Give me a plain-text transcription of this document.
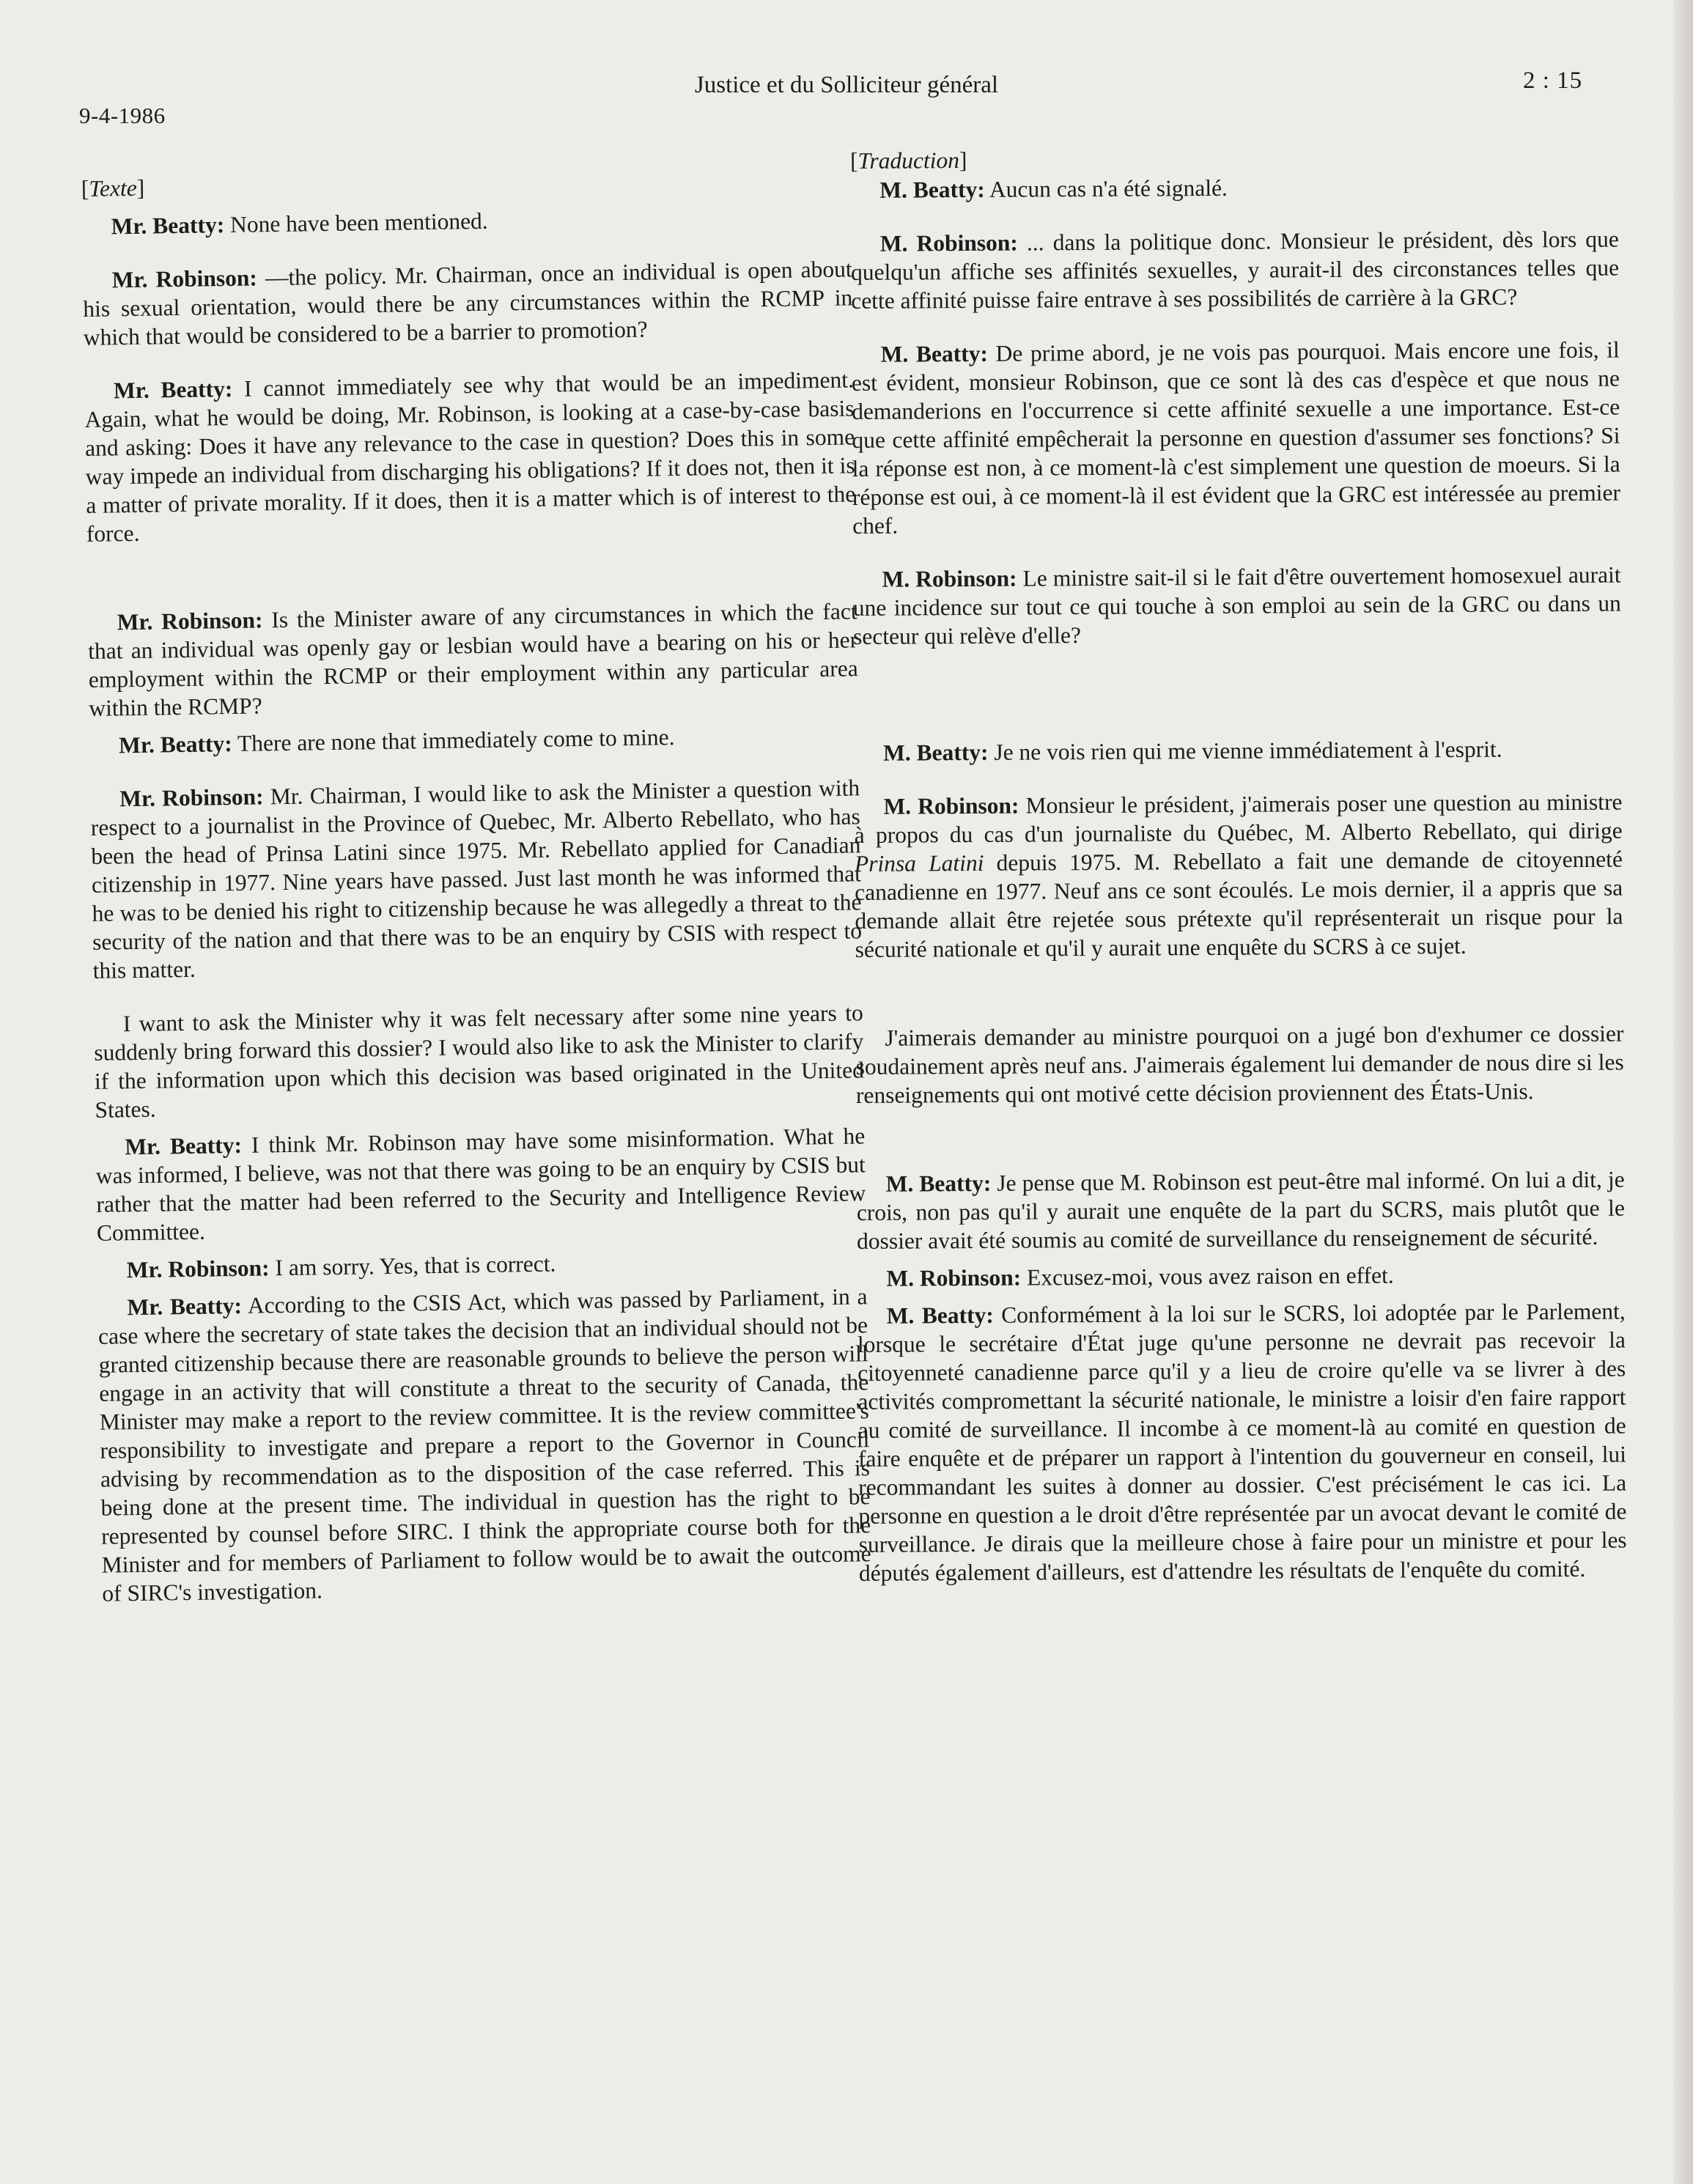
9-4-1986
Justice et du Solliciteur général	2 : 15
[Texte]

Mr. Beatty: None have been mentioned.

Mr. Robinson: —the policy. Mr. Chairman, once an individual is open about his sexual orientation, would there be any circumstances within the RCMP in which that would be considered to be a barrier to promotion?

Mr. Beatty: I cannot immediately see why that would be an impediment. Again, what he would be doing, Mr. Robinson, is looking at a case-by-case basis and asking: Does it have any relevance to the case in question? Does this in some way impede an individual from discharging his obligations? If it does not, then it is a matter of private morality. If it does, then it is a matter which is of interest to the force.

Mr. Robinson: Is the Minister aware of any circumstances in which the fact that an individual was openly gay or lesbian would have a bearing on his or her employment within the RCMP or their employment within any particular area within the RCMP?

Mr. Beatty: There are none that immediately come to mine.

Mr. Robinson: Mr. Chairman, I would like to ask the Minister a question with respect to a journalist in the Province of Quebec, Mr. Alberto Rebellato, who has been the head of Prinsa Latini since 1975. Mr. Rebellato applied for Canadian citizenship in 1977. Nine years have passed. Just last month he was informed that he was to be denied his right to citizenship because he was allegedly a threat to the security of the nation and that there was to be an enquiry by CSIS with respect to this matter.

I want to ask the Minister why it was felt necessary after some nine years to suddenly bring forward this dossier? I would also like to ask the Minister to clarify if the information upon which this decision was based originated in the United States.

Mr. Beatty: I think Mr. Robinson may have some misinformation. What he was informed, I believe, was not that there was going to be an enquiry by CSIS but rather that the matter had been referred to the Security and Intelligence Review Committee.

Mr. Robinson: I am sorry. Yes, that is correct.

Mr. Beatty: According to the CSIS Act, which was passed by Parliament, in a case where the secretary of state takes the decision that an individual should not be granted citizenship because there are reasonable grounds to believe the person will engage in an activity that will constitute a threat to the security of Canada, the Minister may make a report to the review committee. It is the review committee's responsibility to investigate and prepare a report to the Governor in Council advising by recommendation as to the disposition of the case referred. This is being done at the present time. The individual in question has the right to be represented by counsel before SIRC. I think the appropriate course both for the Minister and for members of Parliament to follow would be to await the outcome of SIRC's investigation.

[Traduction]

M. Beatty: Aucun cas n'a été signalé.

M. Robinson: ... dans la politique donc. Monsieur le président, dès lors que quelqu'un affiche ses affinités sexuelles, y aurait-il des circonstances telles que cette affinité puisse faire entrave à ses possibilités de carrière à la GRC?

M. Beatty: De prime abord, je ne vois pas pourquoi. Mais encore une fois, il est évident, monsieur Robinson, que ce sont là des cas d'espèce et que nous ne demanderions en l'occurrence si cette affinité sexuelle a une importance. Est-ce que cette affinité empêcherait la personne en question d'assumer ses fonctions? Si la réponse est non, à ce moment-là c'est simplement une question de moeurs. Si la réponse est oui, à ce moment-là il est évident que la GRC est intéressée au premier chef.

M. Robinson: Le ministre sait-il si le fait d'être ouvertement homosexuel aurait une incidence sur tout ce qui touche à son emploi au sein de la GRC ou dans un secteur qui relève d'elle?

M. Beatty: Je ne vois rien qui me vienne immédiatement à l'esprit.

M. Robinson: Monsieur le président, j'aimerais poser une question au ministre à propos du cas d'un journaliste du Québec, M. Alberto Rebellato, qui dirige Prinsa Latini depuis 1975. M. Rebellato a fait une demande de citoyenneté canadienne en 1977. Neuf ans ce sont écoulés. Le mois dernier, il a appris que sa demande allait être rejetée sous prétexte qu'il représenterait un risque pour la sécurité nationale et qu'il y aurait une enquête du SCRS à ce sujet.

J'aimerais demander au ministre pourquoi on a jugé bon d'exhumer ce dossier soudainement après neuf ans. J'aimerais également lui demander de nous dire si les renseignements qui ont motivé cette décision proviennent des États-Unis.

M. Beatty: Je pense que M. Robinson est peut-être mal informé. On lui a dit, je crois, non pas qu'il y aurait une enquête de la part du SCRS, mais plutôt que le dossier avait été soumis au comité de surveillance du renseignement de sécurité.

M. Robinson: Excusez-moi, vous avez raison en effet.

M. Beatty: Conformément à la loi sur le SCRS, loi adoptée par le Parlement, lorsque le secrétaire d'État juge qu'une personne ne devrait pas recevoir la citoyenneté canadienne parce qu'il y a lieu de croire qu'elle va se livrer à des activités compromettant la sécurité nationale, le ministre a loisir d'en faire rapport au comité de surveillance. Il incombe à ce moment-là au comité en question de faire enquête et de préparer un rapport à l'intention du gouverneur en conseil, lui recommandant les suites à donner au dossier. C'est précisément le cas ici. La personne en question a le droit d'être représentée par un avocat devant le comité de surveillance. Je dirais que la meilleure chose à faire pour un ministre et pour les députés également d'ailleurs, est d'attendre les résultats de l'enquête du comité.
